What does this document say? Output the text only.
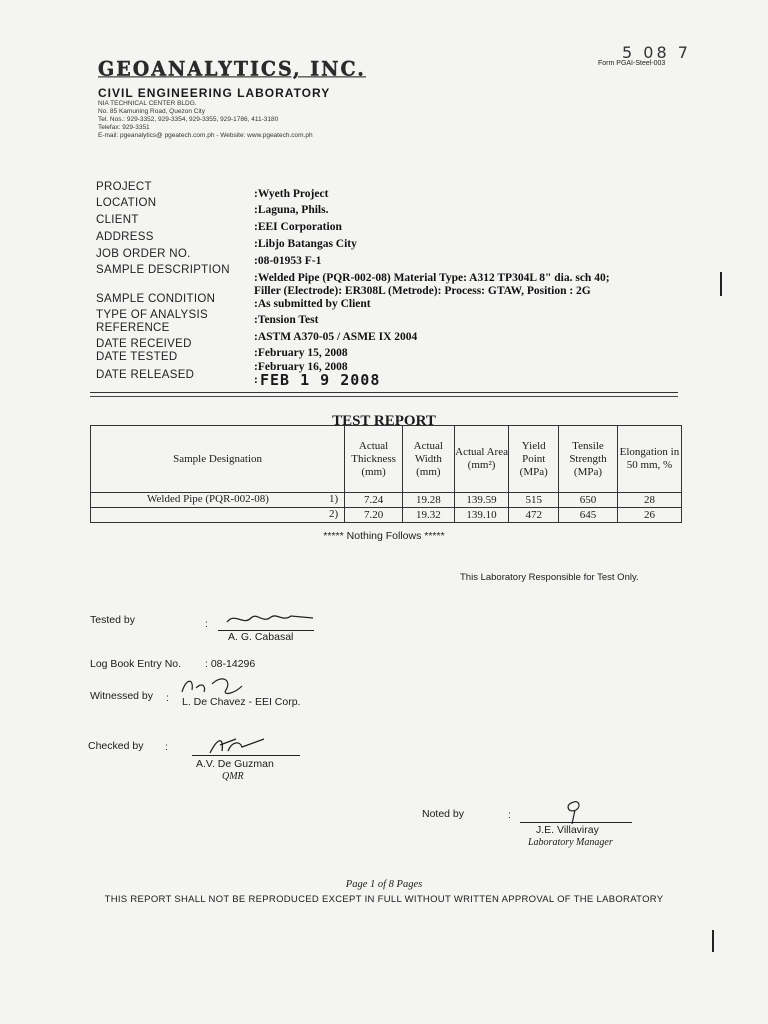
5 08 7
Form PGAI-Steel-003
GEOANALYTICS, INC.
CIVIL ENGINEERING LABORATORY
NIA TECHNICAL CENTER BLDG.
No. 85 Kamuning Road, Quezon City
Tel. Nos.: 929-3352, 929-3354, 929-3355, 929-1786, 411-3180
Telefax: 929-3351
E-mail: pgeanalytics@ pgeatech.com.ph - Website: www.pgeatech.com.ph
PROJECT
:Wyeth Project
LOCATION
:Laguna, Phils.
CLIENT
:EEI Corporation
ADDRESS
:Libjo Batangas City
JOB ORDER NO.
:08-01953 F-1
SAMPLE DESCRIPTION
:Welded Pipe (PQR-002-08) Material Type: A312 TP304L 8" dia. sch 40;
Filler (Electrode): ER308L (Metrode): Process: GTAW, Position : 2G
SAMPLE CONDITION	:As submitted by Client
TYPE OF ANALYSIS	:Tension Test
REFERENCE
:ASTM A370-05 / ASME IX 2004
DATE RECEIVED
:February 15, 2008
DATE TESTED
:February 16, 2008
DATE RELEASED	: FEB 1 9 2008
TEST REPORT
Sample Designation	Actual Thickness (mm)	Actual Width (mm)	Actual Area (mm²)	Yield Point (MPa)	Tensile Strength (MPa)	Elongation in 50 mm, %

Welded Pipe (PQR-002-08) 1)	7.24	19.28	139.59	515	650	28

2)	7.20	19.32	139.10	472	645	26
***** Nothing Follows *****
This Laboratory Responsible for Test Only.
Tested by	:
A. G. Cabasal
Log Book Entry No. : 08-14296
Witnessed by : L. De Chavez - EEI Corp.
Checked by :
A.V. De Guzman
QMR
Noted by	:
J.E. Villaviray
Laboratory Manager
Page 1 of 8 Pages
THIS REPORT SHALL NOT BE REPRODUCED EXCEPT IN FULL WITHOUT WRITTEN APPROVAL OF THE LABORATORY
